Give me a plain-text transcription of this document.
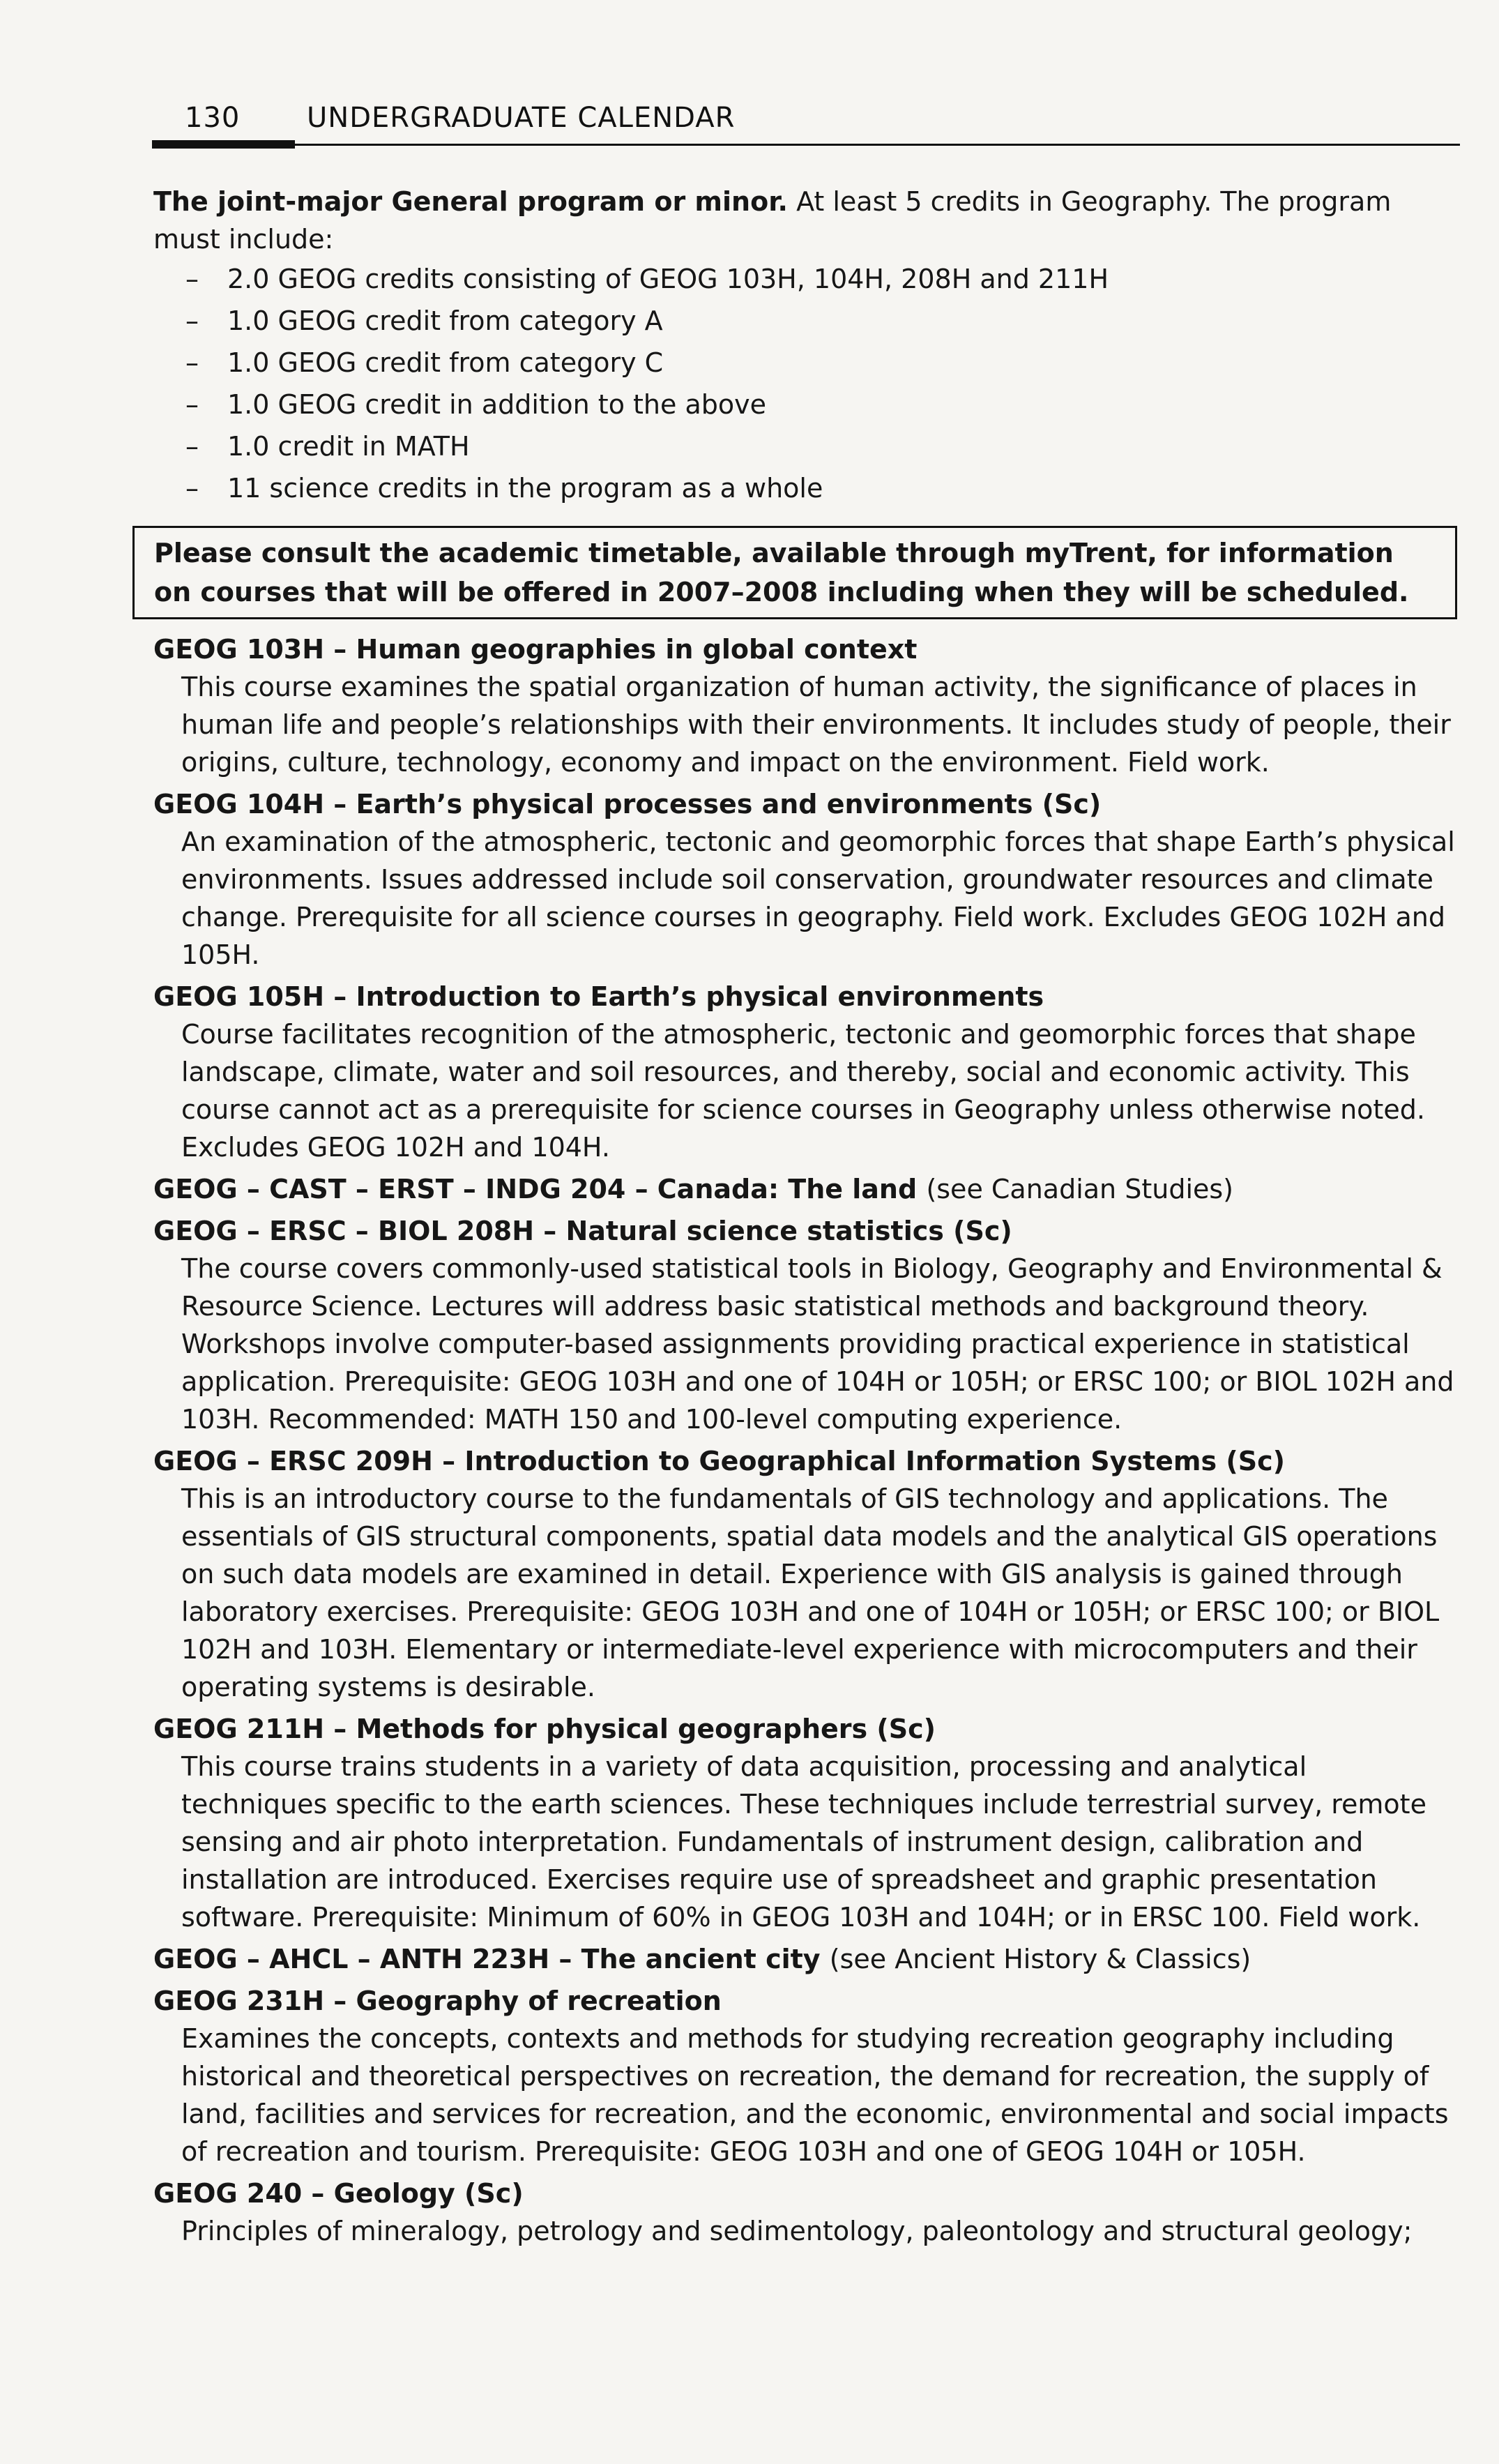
130 UNDERGRADUATE CALENDAR
The joint-major General program or minor. At least 5 credits in Geography. The program must include:
– 2.0 GEOG credits consisting of GEOG 103H, 104H, 208H and 211H
– 1.0 GEOG credit from category A
– 1.0 GEOG credit from category C
– 1.0 GEOG credit in addition to the above
– 1.0 credit in MATH
– 11 science credits in the program as a whole
Please consult the academic timetable, available through myTrent, for information on courses that will be offered in 2007–2008 including when they will be scheduled.
GEOG 103H – Human geographies in global context
This course examines the spatial organization of human activity, the significance of places in human life and people’s relationships with their environments. It includes study of people, their origins, culture, technology, economy and impact on the environment. Field work.
GEOG 104H – Earth’s physical processes and environments (Sc)
An examination of the atmospheric, tectonic and geomorphic forces that shape Earth’s physical environments. Issues addressed include soil conservation, groundwater resources and climate change. Prerequisite for all science courses in geography. Field work. Excludes GEOG 102H and 105H.
GEOG 105H – Introduction to Earth’s physical environments
Course facilitates recognition of the atmospheric, tectonic and geomorphic forces that shape landscape, climate, water and soil resources, and thereby, social and economic activity. This course cannot act as a prerequisite for science courses in Geography unless otherwise noted. Excludes GEOG 102H and 104H.
GEOG – CAST – ERST – INDG 204 – Canada: The land (see Canadian Studies)
GEOG – ERSC – BIOL 208H – Natural science statistics (Sc)
The course covers commonly-used statistical tools in Biology, Geography and Environmental & Resource Science. Lectures will address basic statistical methods and background theory. Workshops involve computer-based assignments providing practical experience in statistical application. Prerequisite: GEOG 103H and one of 104H or 105H; or ERSC 100; or BIOL 102H and 103H. Recommended: MATH 150 and 100-level computing experience.
GEOG – ERSC 209H – Introduction to Geographical Information Systems (Sc)
This is an introductory course to the fundamentals of GIS technology and applications. The essentials of GIS structural components, spatial data models and the analytical GIS operations on such data models are examined in detail. Experience with GIS analysis is gained through laboratory exercises. Prerequisite: GEOG 103H and one of 104H or 105H; or ERSC 100; or BIOL 102H and 103H. Elementary or intermediate-level experience with microcomputers and their operating systems is desirable.
GEOG 211H – Methods for physical geographers (Sc)
This course trains students in a variety of data acquisition, processing and analytical techniques specific to the earth sciences. These techniques include terrestrial survey, remote sensing and air photo interpretation. Fundamentals of instrument design, calibration and installation are introduced. Exercises require use of spreadsheet and graphic presentation software. Prerequisite: Minimum of 60% in GEOG 103H and 104H; or in ERSC 100. Field work.
GEOG – AHCL – ANTH 223H – The ancient city (see Ancient History & Classics)
GEOG 231H – Geography of recreation
Examines the concepts, contexts and methods for studying recreation geography including historical and theoretical perspectives on recreation, the demand for recreation, the supply of land, facilities and services for recreation, and the economic, environmental and social impacts of recreation and tourism. Prerequisite: GEOG 103H and one of GEOG 104H or 105H.
GEOG 240 – Geology (Sc)
Principles of mineralogy, petrology and sedimentology, paleontology and structural geology;
